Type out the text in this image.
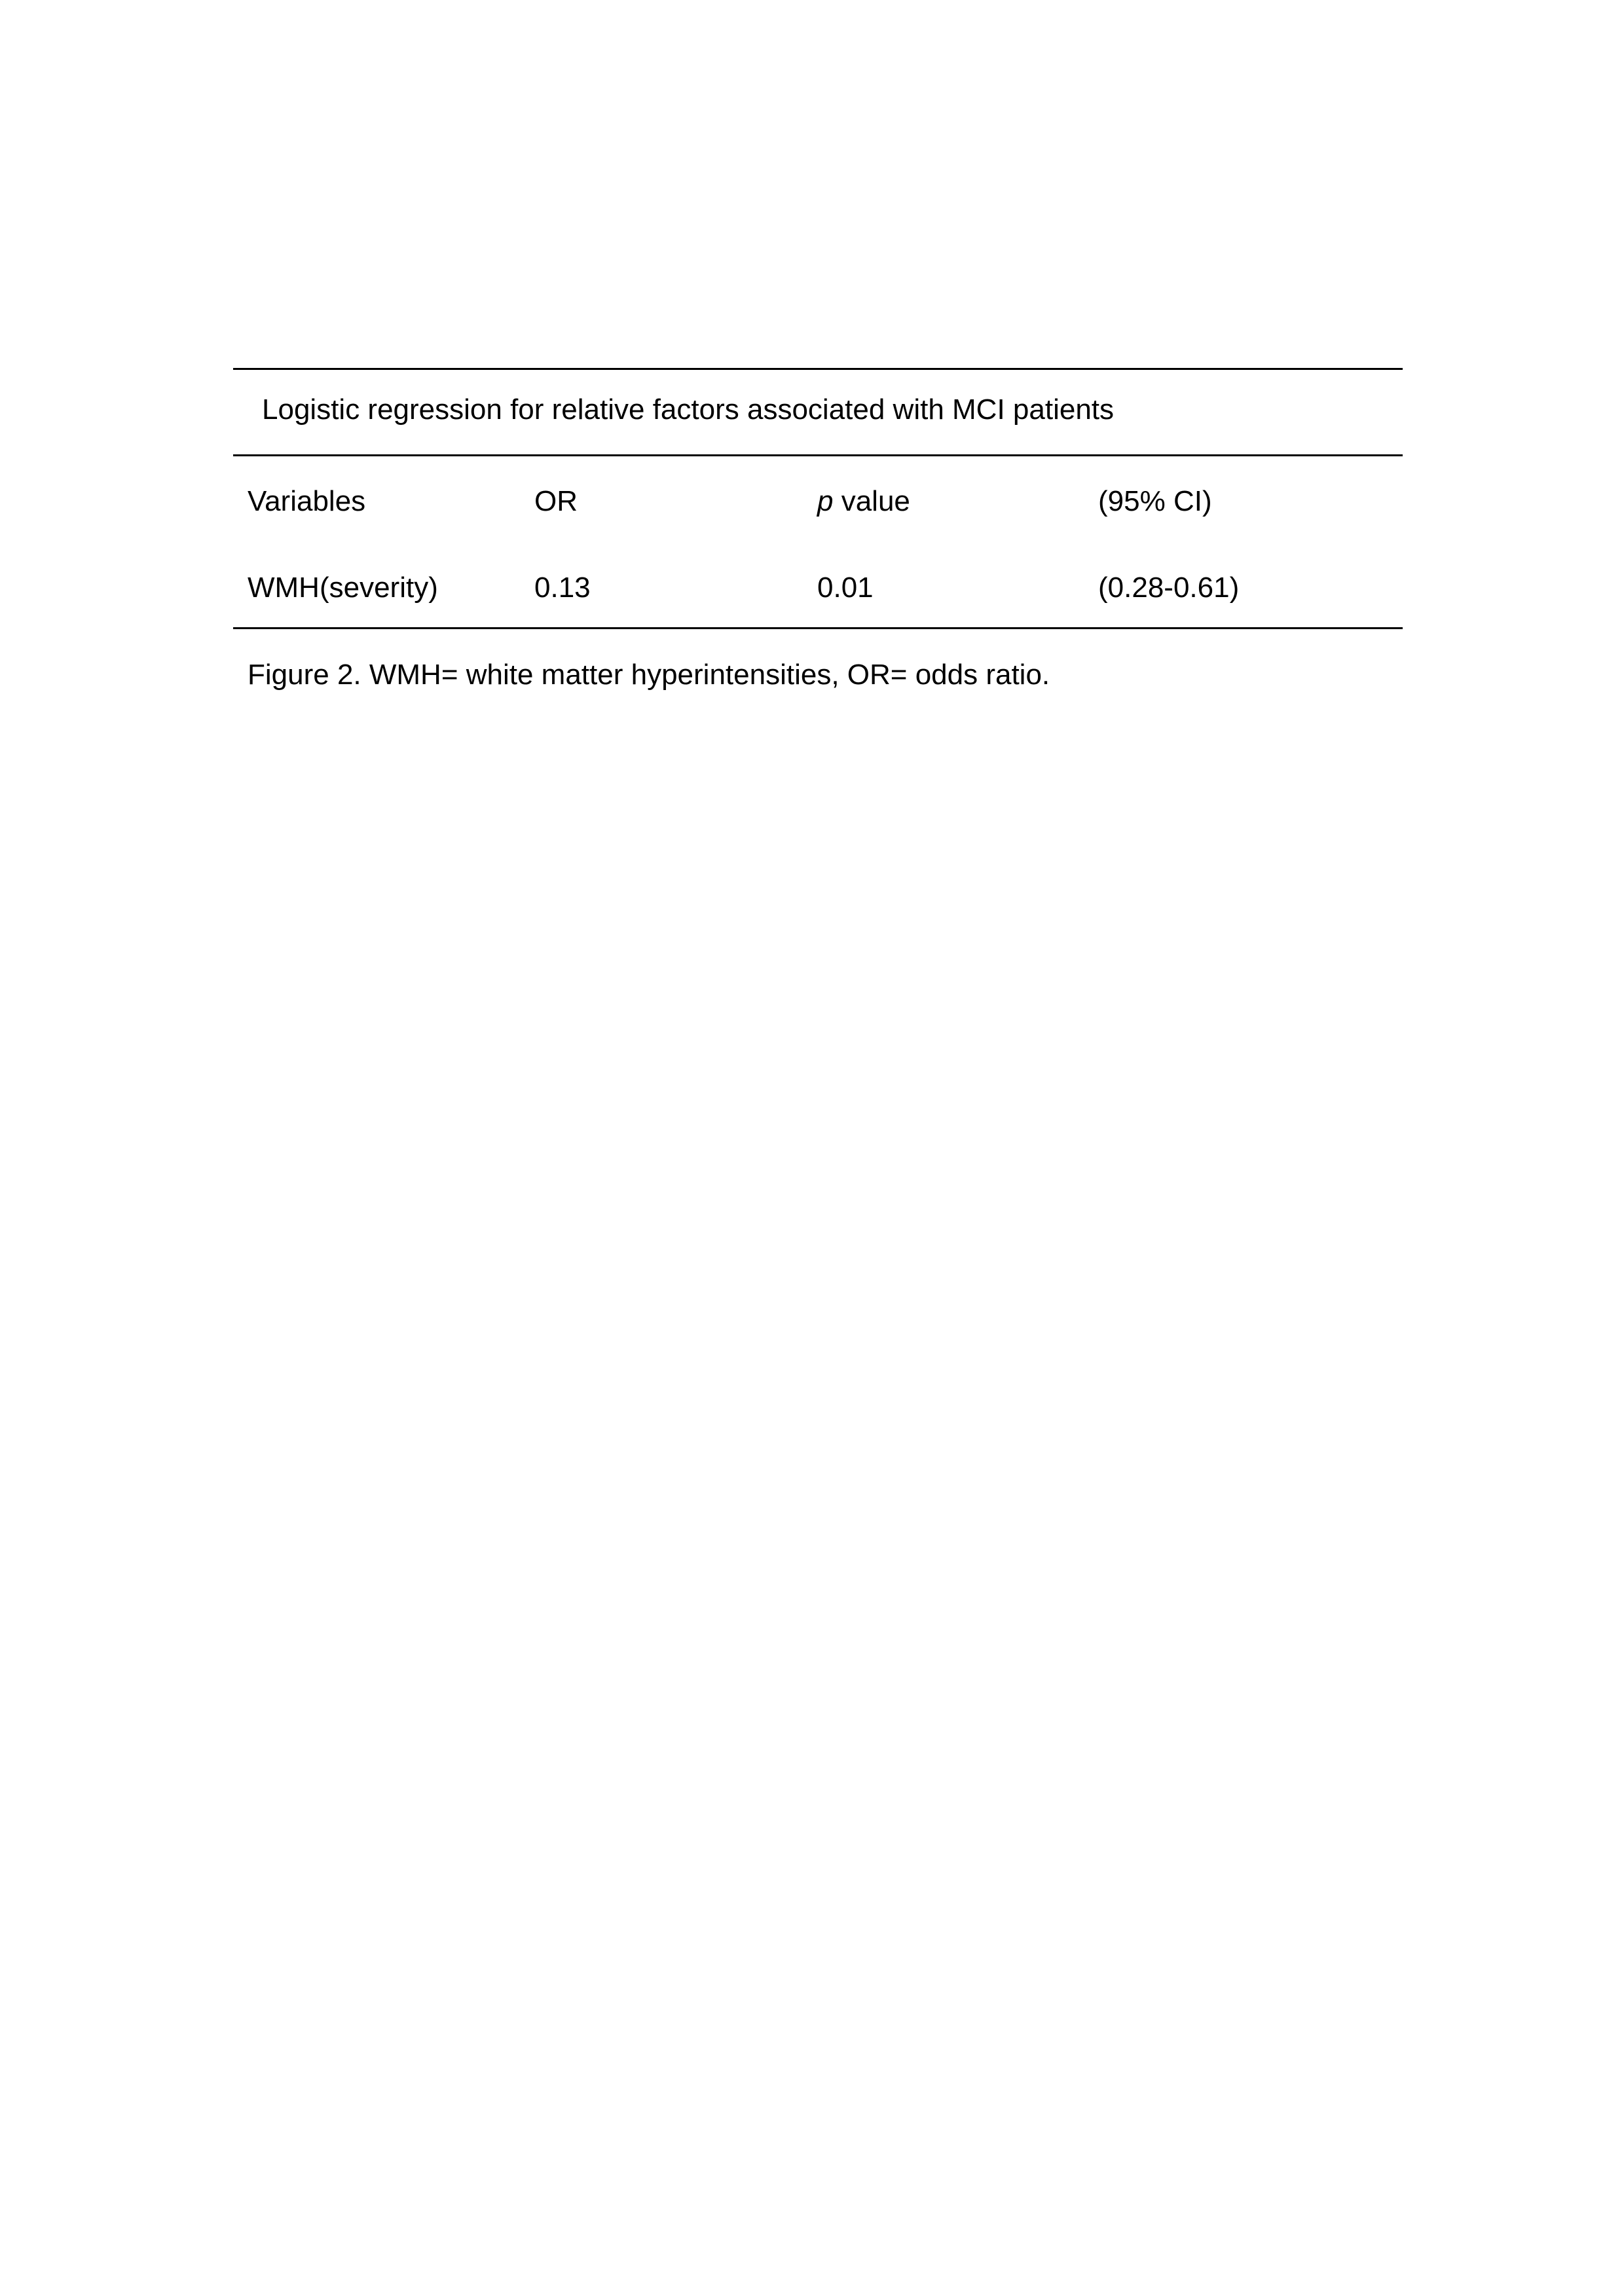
Logistic regression for relative factors associated with MCI patients
Variables	OR	p value	(95% CI)
WMH(severity)	0.13	0.01	(0.28-0.61)
Figure 2. WMH= white matter hyperintensities, OR= odds ratio.
